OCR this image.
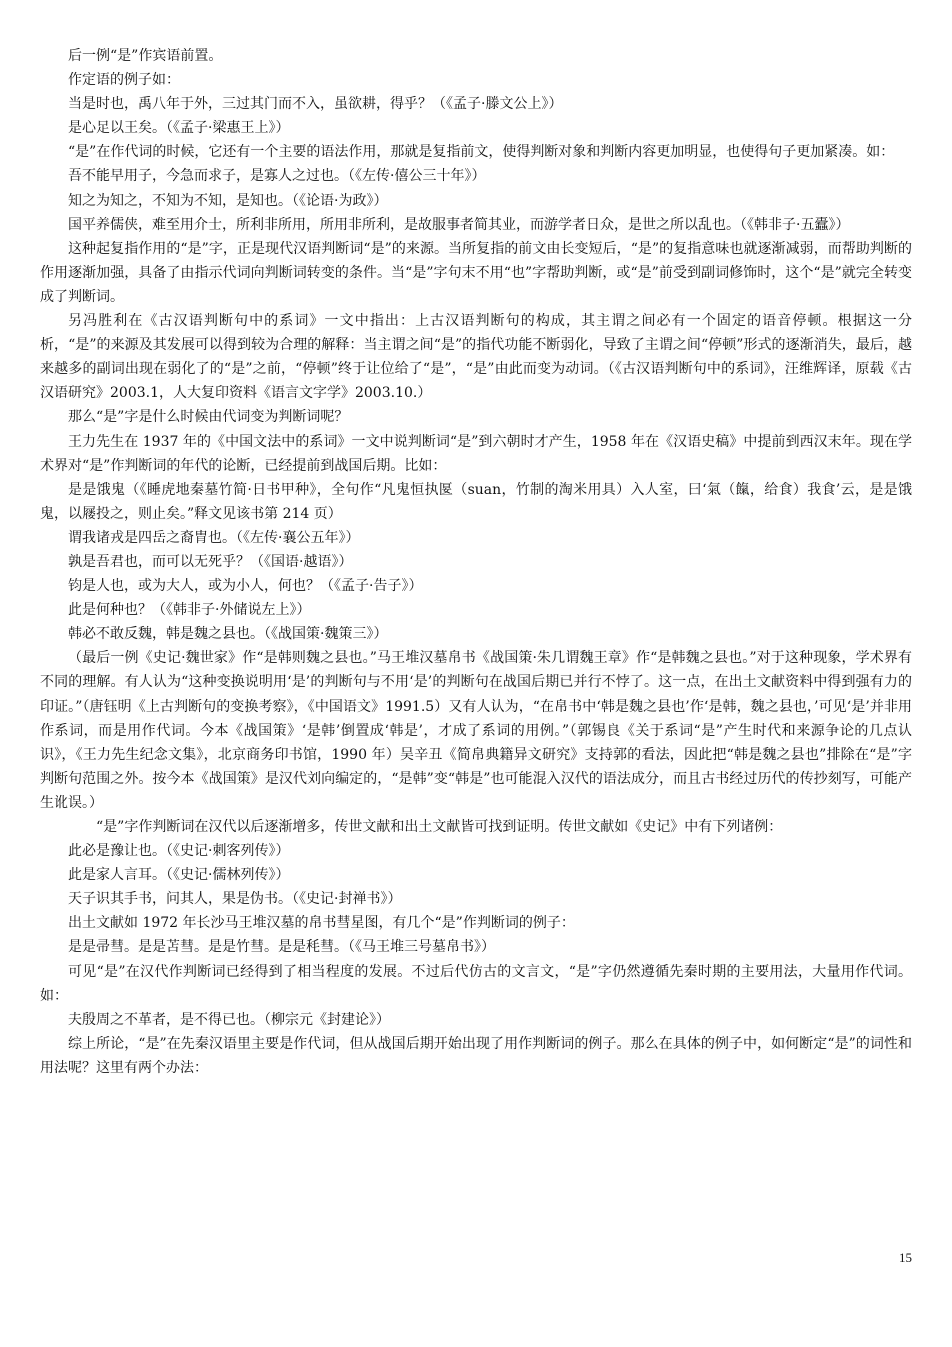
后一例“是”作宾语前置。

作定语的例子如：

当是时也，禹八年于外，三过其门而不入，虽欲耕，得乎？（《孟子·滕文公上》）

是心足以王矣。（《孟子·梁惠王上》）

“是”在作代词的时候，它还有一个主要的语法作用，那就是复指前文，使得判断对象和判断内容更加明显，也使得句子更加紧凑。如：

吾不能早用子，今急而求子，是寡人之过也。（《左传·僖公三十年》）

知之为知之，不知为不知，是知也。（《论语·为政》）

国平养儒侠，难至用介士，所利非所用，所用非所利，是故服事者简其业，而游学者日众，是世之所以乱也。（《韩非子·五蠹》）

这种起复指作用的“是”字，正是现代汉语判断词“是”的来源。当所复指的前文由长变短后，“是”的复指意味也就逐渐减弱，而帮助判断的作用逐渐加强，具备了由指示代词向判断词转变的条件。当“是”字句末不用“也”字帮助判断，或“是”前受到副词修饰时，这个“是”就完全转变成了判断词。

另冯胜利在《古汉语判断句中的系词》一文中指出：上古汉语判断句的构成，其主谓之间必有一个固定的语音停顿。根据这一分析，“是”的来源及其发展可以得到较为合理的解释：当主谓之间“是”的指代功能不断弱化，导致了主谓之间“停顿”形式的逐渐消失，最后，越来越多的副词出现在弱化了的“是”之前，“停顿”终于让位给了“是”，“是”由此而变为动词。（《古汉语判断句中的系词》，汪维辉译，原载《古汉语研究》2003.1，人大复印资料《语言文字学》2003.10.）

那么“是”字是什么时候由代词变为判断词呢？

王力先生在 1937 年的《中国文法中的系词》一文中说判断词“是”到六朝时才产生，1958 年在《汉语史稿》中提前到西汉末年。现在学术界对“是”作判断词的年代的论断，已经提前到战国后期。比如：

是是饿鬼（《睡虎地秦墓竹简·日书甲种》，全句作“凡鬼恒执匽（suan，竹制的淘米用具）入人室，曰‘氣（餼，给食）我食’云，是是饿鬼，以屦投之，则止矣。”释文见该书第 214 页）

谓我诸戎是四岳之裔胄也。（《左传·襄公五年》）

孰是吾君也，而可以无死乎？（《国语·越语》）

钧是人也，或为大人，或为小人，何也？（《孟子·告子》）

此是何种也？（《韩非子·外储说左上》）

韩必不敢反魏，韩是魏之县也。（《战国策·魏策三》）

（最后一例《史记·魏世家》作“是韩则魏之县也。”马王堆汉墓帛书《战国策·朱几谓魏王章》作“是韩魏之县也。”对于这种现象，学术界有不同的理解。有人认为“这种变换说明用‘是’的判断句与不用‘是’的判断句在战国后期已并行不悖了。这一点，在出土文献资料中得到强有力的印证。”（唐钰明《上古判断句的变换考察》，《中国语文》1991.5）又有人认为，“在帛书中‘韩是魏之县也’作‘是韩，魏之县也，’可见‘是’并非用作系词，而是用作代词。今本《战国策》‘是韩’倒置成‘韩是’，才成了系词的用例。”（郭锡良《关于系词“是”产生时代和来源争论的几点认识》，《王力先生纪念文集》，北京商务印书馆，1990 年）吴辛丑《简帛典籍异文研究》支持郭的看法，因此把“韩是魏之县也”排除在“是”字判断句范围之外。按今本《战国策》是汉代刘向编定的，“是韩”变“韩是”也可能混入汉代的语法成分，而且古书经过历代的传抄刻写，可能产生讹误。）

“是”字作判断词在汉代以后逐渐增多，传世文献和出土文献皆可找到证明。传世文献如《史记》中有下列诸例：

此必是豫让也。（《史记·刺客列传》）

此是家人言耳。（《史记·儒林列传》）

天子识其手书，问其人，果是伪书。（《史记·封禅书》）

出土文献如 1972 年长沙马王堆汉墓的帛书彗星图，有几个“是”作判断词的例子：

是是帚彗。是是苫彗。是是竹彗。是是秏彗。（《马王堆三号墓帛书》）

可见“是”在汉代作判断词已经得到了相当程度的发展。不过后代仿古的文言文，“是”字仍然遵循先秦时期的主要用法，大量用作代词。如：

夫殷周之不革者，是不得已也。（柳宗元《封建论》）

综上所论，“是”在先秦汉语里主要是作代词，但从战国后期开始出现了用作判断词的例子。那么在具体的例子中，如何断定“是”的词性和用法呢？这里有两个办法：

15
